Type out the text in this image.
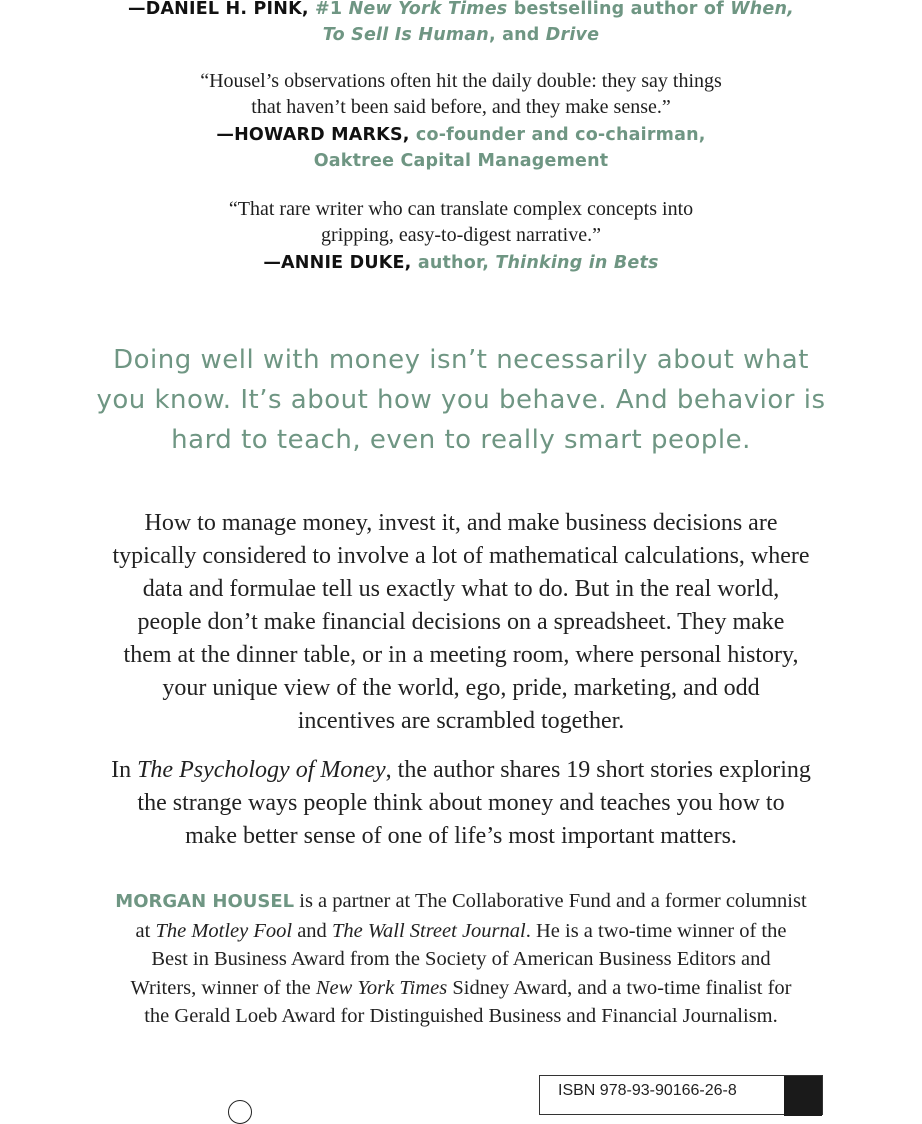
—DANIEL H. PINK, #1 New York Times bestselling author of When,
To Sell Is Human, and Drive
“Housel’s observations often hit the daily double: they say things
that haven’t been said before, and they make sense.”
—HOWARD MARKS, co-founder and co-chairman,
Oaktree Capital Management
“That rare writer who can translate complex concepts into
gripping, easy-to-digest narrative.”
—ANNIE DUKE, author, Thinking in Bets
Doing well with money isn’t necessarily about what
you know. It’s about how you behave. And behavior is
hard to teach, even to really smart people.
How to manage money, invest it, and make business decisions are
typically considered to involve a lot of mathematical calculations, where
data and formulae tell us exactly what to do. But in the real world,
people don’t make financial decisions on a spreadsheet. They make
them at the dinner table, or in a meeting room, where personal history,
your unique view of the world, ego, pride, marketing, and odd
incentives are scrambled together.
In The Psychology of Money, the author shares 19 short stories exploring
the strange ways people think about money and teaches you how to
make better sense of one of life’s most important matters.
MORGAN HOUSEL is a partner at The Collaborative Fund and a former columnist
at The Motley Fool and The Wall Street Journal. He is a two-time winner of the
Best in Business Award from the Society of American Business Editors and
Writers, winner of the New York Times Sidney Award, and a two-time finalist for
the Gerald Loeb Award for Distinguished Business and Financial Journalism.
ISBN 978-93-90166-26-8
